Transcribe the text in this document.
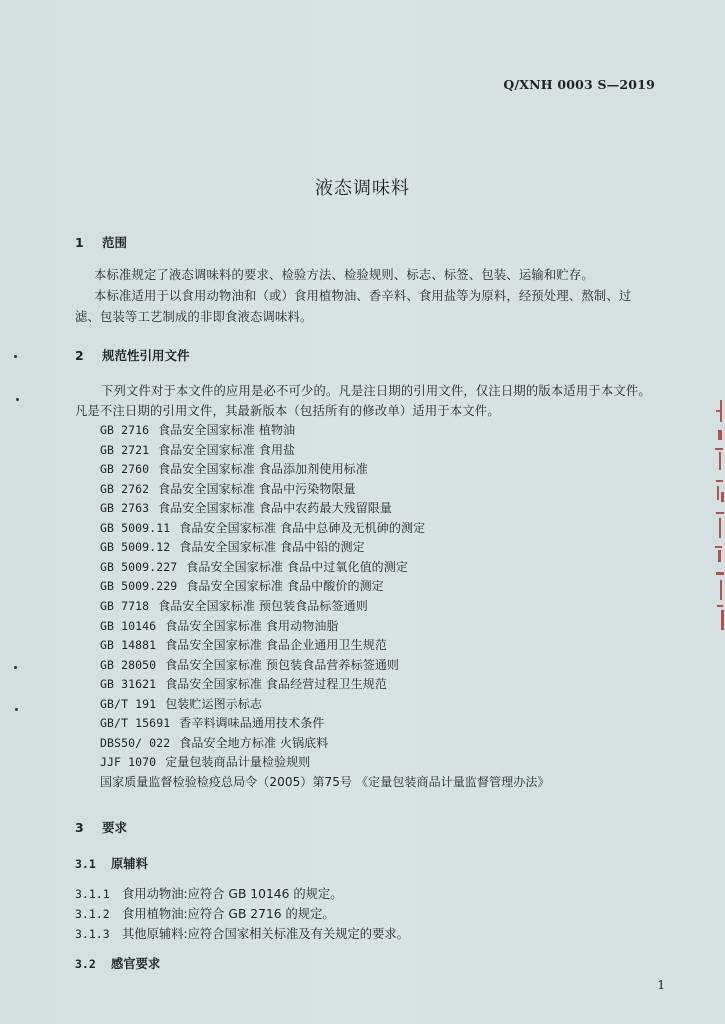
Q/XNH 0003 S—2019
液态调味料
1 范围
本标准规定了液态调味料的要求、检验方法、检验规则、标志、标签、包装、运输和贮存。
本标准适用于以食用动物油和（或）食用植物油、香辛料、食用盐等为原料，经预处理、熬制、过
滤、包装等工艺制成的非即食液态调味料。
2 规范性引用文件
下列文件对于本文件的应用是必不可少的。凡是注日期的引用文件，仅注日期的版本适用于本文件。
凡是不注日期的引用文件，其最新版本（包括所有的修改单）适用于本文件。
GB 2716 食品安全国家标准 植物油
GB 2721 食品安全国家标准 食用盐
GB 2760 食品安全国家标准 食品添加剂使用标准
GB 2762 食品安全国家标准 食品中污染物限量
GB 2763 食品安全国家标准 食品中农药最大残留限量
GB 5009.11 食品安全国家标准 食品中总砷及无机砷的测定
GB 5009.12 食品安全国家标准 食品中铅的测定
GB 5009.227 食品安全国家标准 食品中过氧化值的测定
GB 5009.229 食品安全国家标准 食品中酸价的测定
GB 7718 食品安全国家标准 预包装食品标签通则
GB 10146 食品安全国家标准 食用动物油脂
GB 14881 食品安全国家标准 食品企业通用卫生规范
GB 28050 食品安全国家标准 预包装食品营养标签通则
GB 31621 食品安全国家标准 食品经营过程卫生规范
GB/T 191 包装贮运图示标志
GB/T 15691 香辛料调味品通用技术条件
DBS50/ 022 食品安全地方标准 火锅底料
JJF 1070 定量包装商品计量检验规则
国家质量监督检验检疫总局令（2005）第75号 《定量包装商品计量监督管理办法》
3 要求
3.1 原辅料
3.1.1 食用动物油:应符合 GB 10146 的规定。
3.1.2 食用植物油:应符合 GB 2716 的规定。
3.1.3 其他原辅料:应符合国家相关标准及有关规定的要求。
3.2 感官要求
1
